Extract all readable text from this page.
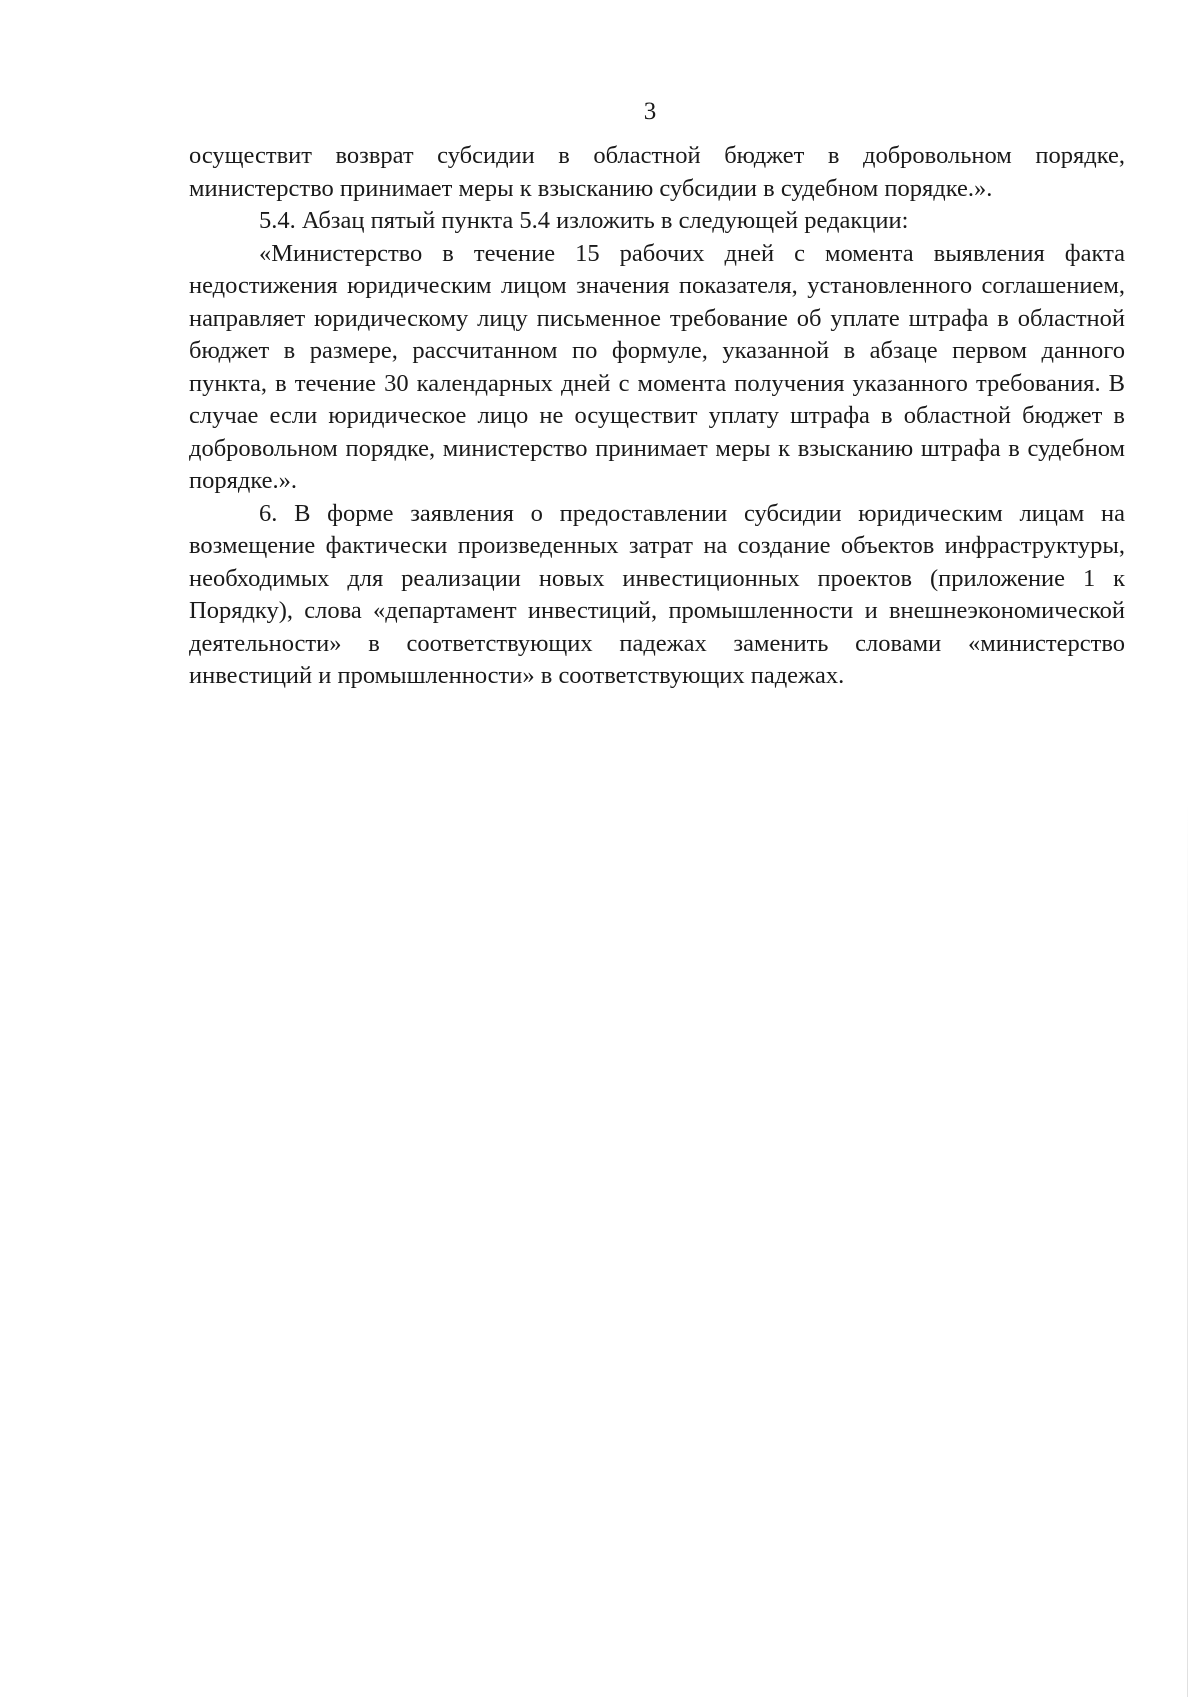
3

осуществит возврат субсидии в областной бюджет в добровольном порядке, министерство принимает меры к взысканию субсидии в судебном порядке.».

5.4. Абзац пятый пункта 5.4 изложить в следующей редакции:

«Министерство в течение 15 рабочих дней с момента выявления факта недостижения юридическим лицом значения показателя, установленного соглашением, направляет юридическому лицу письменное требование об уплате штрафа в областной бюджет в размере, рассчитанном по формуле, указанной в абзаце первом данного пункта, в течение 30 календарных дней с момента получения указанного требования. В случае если юридическое лицо не осуществит уплату штрафа в областной бюджет в добровольном порядке, министерство принимает меры к взысканию штрафа в судебном порядке.».

6. В форме заявления о предоставлении субсидии юридическим лицам на возмещение фактически произведенных затрат на создание объектов инфраструктуры, необходимых для реализации новых инвестиционных проектов (приложение 1 к Порядку), слова «департамент инвестиций, промышленности и внешнеэкономической деятельности» в соответствующих падежах заменить словами «министерство инвестиций и промышленности» в соответствующих падежах.
